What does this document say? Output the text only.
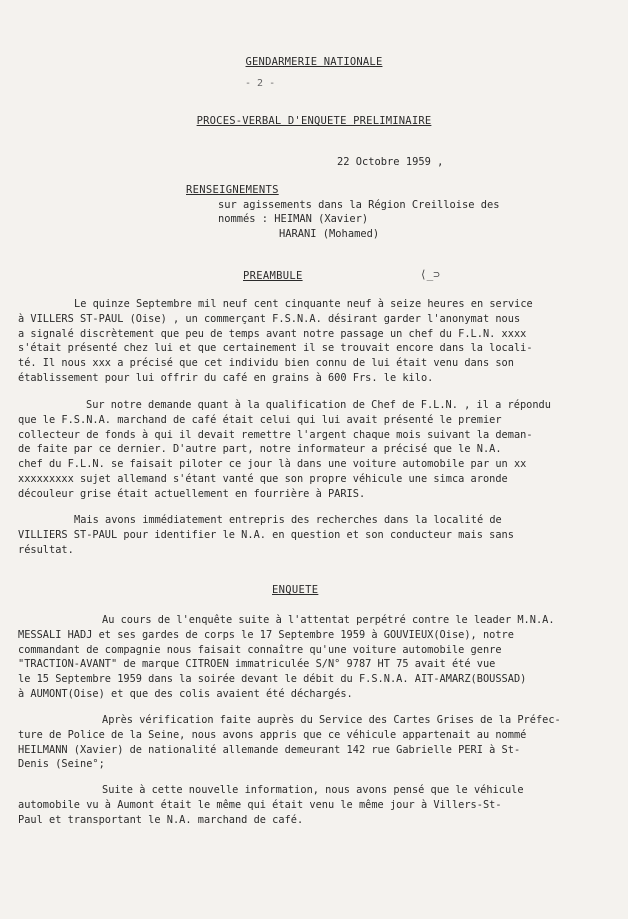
GENDARMERIE NATIONALE
- 2 -
PROCES-VERBAL D'ENQUETE PRELIMINAIRE
22 Octobre 1959 ,
RENSEIGNEMENTS
sur agissements dans la Région Creilloise des
nommés : HEIMAN (Xavier)
HARANI (Mohamed)
PREAMBULE	⟨_⊃
Le quinze Septembre mil neuf cent cinquante neuf à seize heures en service
à VILLERS ST-PAUL (Oise) , un commerçant F.S.N.A. désirant garder l'anonymat nous
a signalé discrètement que peu de temps avant notre passage un chef du F.L.N. xxxx
s'était présenté chez lui et que certainement il se trouvait encore dans la locali-
té. Il nous xxx a précisé que cet individu bien connu de lui était venu dans son
établissement pour lui offrir du café en grains à 600 Frs. le kilo.
Sur notre demande quant à la qualification de Chef de F.L.N. , il a répondu
que le F.S.N.A. marchand de café était celui qui lui avait présenté le premier
collecteur de fonds à qui il devait remettre l'argent chaque mois suivant la deman-
de faite par ce dernier. D'autre part, notre informateur a précisé que le N.A.
chef du F.L.N. se faisait piloter ce jour là dans une voiture automobile par un xx
xxxxxxxxx sujet allemand s'étant vanté que son propre véhicule une simca aronde
découleur grise était actuellement en fourrière à PARIS.
Mais avons immédiatement entrepris des recherches dans la localité de
VILLIERS ST-PAUL pour identifier le N.A. en question et son conducteur mais sans
résultat.
ENQUETE
Au cours de l'enquête suite à l'attentat perpétré contre le leader M.N.A.
MESSALI HADJ et ses gardes de corps le 17 Septembre 1959 à GOUVIEUX(Oise), notre
commandant de compagnie nous faisait connaître qu'une voiture automobile genre
"TRACTION-AVANT" de marque CITROEN immatriculée S/N° 9787 HT 75 avait été vue
le 15 Septembre 1959 dans la soirée devant le débit du F.S.N.A. AIT-AMARZ(BOUSSAD)
à AUMONT(Oise) et que des colis avaient été déchargés.
Après vérification faite auprès du Service des Cartes Grises de la Préfec-
ture de Police de la Seine, nous avons appris que ce véhicule appartenait au nommé
HEILMANN (Xavier) de nationalité allemande demeurant 142 rue Gabrielle PERI à St-
Denis (Seine°;
Suite à cette nouvelle information, nous avons pensé que le véhicule
automobile vu à Aumont était le même qui était venu le même jour à Villers-St-
Paul et transportant le N.A. marchand de café.
